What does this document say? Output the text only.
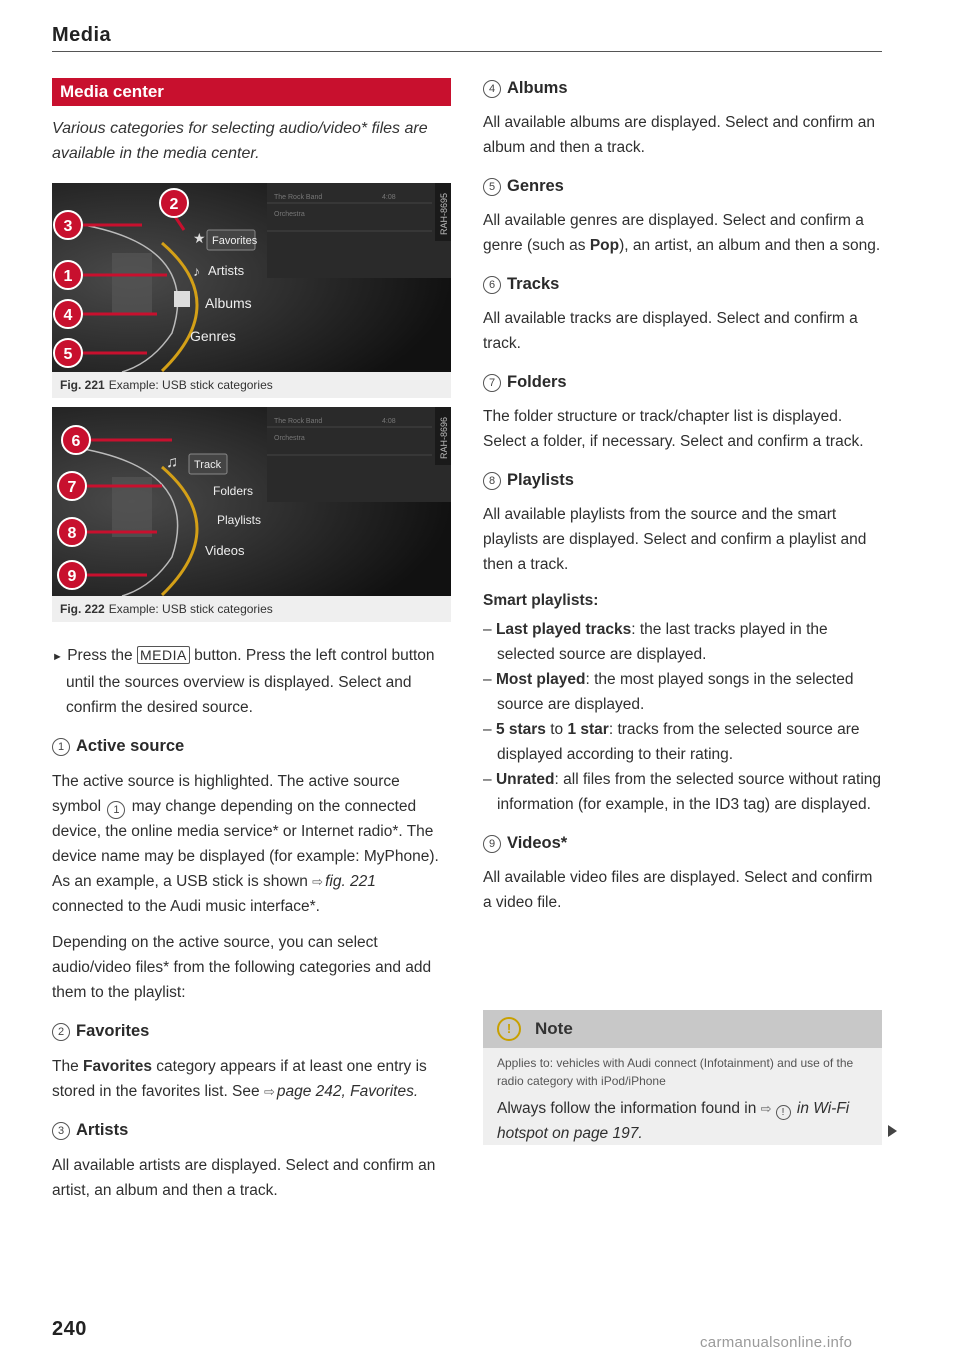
Media
Media center
Various categories for selecting audio/video* files are available in the media center.
The Rock Band	4:08
Orchestra	RAH-8695
★
♪
Favorites
Artists
Albums
Genres
1
2
3
4
5
Fig. 221 Example: USB stick categories
The Rock Band	4:08
Orchestra	RAH-8696
♫ Track
Folders
Playlists
Videos
6
7
8
9
Fig. 222 Example: USB stick categories

► Press the MEDIA button. Press the left control button until the sources overview is displayed. Select and confirm the desired source.

1 Active source

The active source is highlighted. The active source symbol 1 may change depending on the connected device, the online media service* or Internet radio*. The device name may be displayed (for example: MyPhone). As an example, a USB stick is shown ⇨ fig. 221 connected to the Audi music interface*.

Depending on the active source, you can select audio/video files* from the following categories and add them to the playlist:

2 Favorites

The Favorites category appears if at least one entry is stored in the favorites list. See ⇨ page 242, Favorites.

3 Artists

All available artists are displayed. Select and confirm an artist, an album and then a track.

4 Albums

All available albums are displayed. Select and confirm an album and then a track.

5 Genres

All available genres are displayed. Select and confirm a genre (such as Pop), an artist, an album and then a song.

6 Tracks

All available tracks are displayed. Select and confirm a track.

7 Folders

The folder structure or track/chapter list is displayed. Select a folder, if necessary. Select and confirm a track.

8 Playlists

All available playlists from the source and the smart playlists are displayed. Select and confirm a playlist and then a track.

Smart playlists:

– Last played tracks: the last tracks played in the selected source are displayed.
– Most played: the most played songs in the selected source are displayed.
– 5 stars to 1 star: tracks from the selected source are displayed according to their rating.
– Unrated: all files from the selected source without rating information (for example, in the ID3 tag) are displayed.
9 Videos*

All available video files are displayed. Select and confirm a video file.

!	Note
Applies to: vehicles with Audi connect (Infotainment) and use of the radio category with iPod/iPhone
Always follow the information found in ⇨ ! in Wi-Fi hotspot on page 197.
240
carmanualsonline.info
